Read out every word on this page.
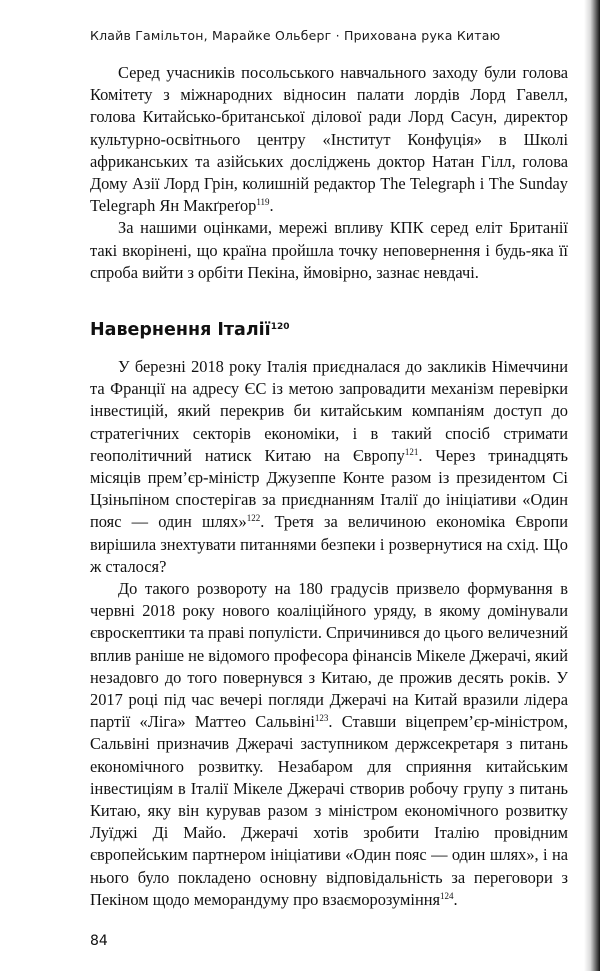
Клайв Гамільтон, Марайке Ольберг · Прихована рука Китаю

Серед учасників посольського навчального заходу були голова Комітету з міжнародних відносин палати лордів Лорд Гавелл, голова Китайсько-британської ділової ради Лорд Сасун, директор культурно-освітнього центру «Інститут Конфуція» в Школі африканських та азійських досліджень доктор Натан Гілл, голова Дому Азії Лорд Грін, колишній редактор The Telegraph і The Sunday Telegraph Ян Макґреґор$^{119}$.

За нашими оцінками, мережі впливу КПК серед еліт Британії такі вкорінені, що країна пройшла точку неповернення і будь-яка її спроба вийти з орбіти Пекіна, ймовірно, зазнає невдачі.

Навернення Італії$^{120}$

У березні 2018 року Італія приєдналася до закликів Німеччини та Франції на адресу ЄС із метою запровадити механізм перевірки інвестицій, який перекрив би китайським компаніям доступ до стратегічних секторів економіки, і в такий спосіб стримати геополітичний натиск Китаю на Європу$^{121}$. Через тринадцять місяців прем’єр-міністр Джузеппе Конте разом із президентом Сі Цзіньпіном спостерігав за приєднанням Італії до ініціативи «Один пояс — один шлях»$^{122}$. Третя за величиною економіка Європи вирішила знехтувати питаннями безпеки і розвернутися на схід. Що ж сталося?

До такого розвороту на 180 градусів призвело формування в червні 2018 року нового коаліційного уряду, в якому домінували євроскептики та праві популісти. Спричинився до цього величезний вплив раніше не відомого професора фінансів Мікеле Джерачі, який незадовго до того повернувся з Китаю, де прожив десять років. У 2017 році під час вечері погляди Джерачі на Китай вразили лідера партії «Ліга» Маттео Сальвіні$^{123}$. Ставши віцепрем’єр-міністром, Сальвіні призначив Джерачі заступником держсекретаря з питань економічного розвитку. Незабаром для сприяння китайським інвестиціям в Італії Мікеле Джерачі створив робочу групу з питань Китаю, яку він курував разом з міністром економічного розвитку Луїджі Ді Майо. Джерачі хотів зробити Італію провідним європейським партнером ініціативи «Один пояс — один шлях», і на нього було покладено основну відповідальність за переговори з Пекіном щодо меморандуму про взаєморозуміння$^{124}$.

84
